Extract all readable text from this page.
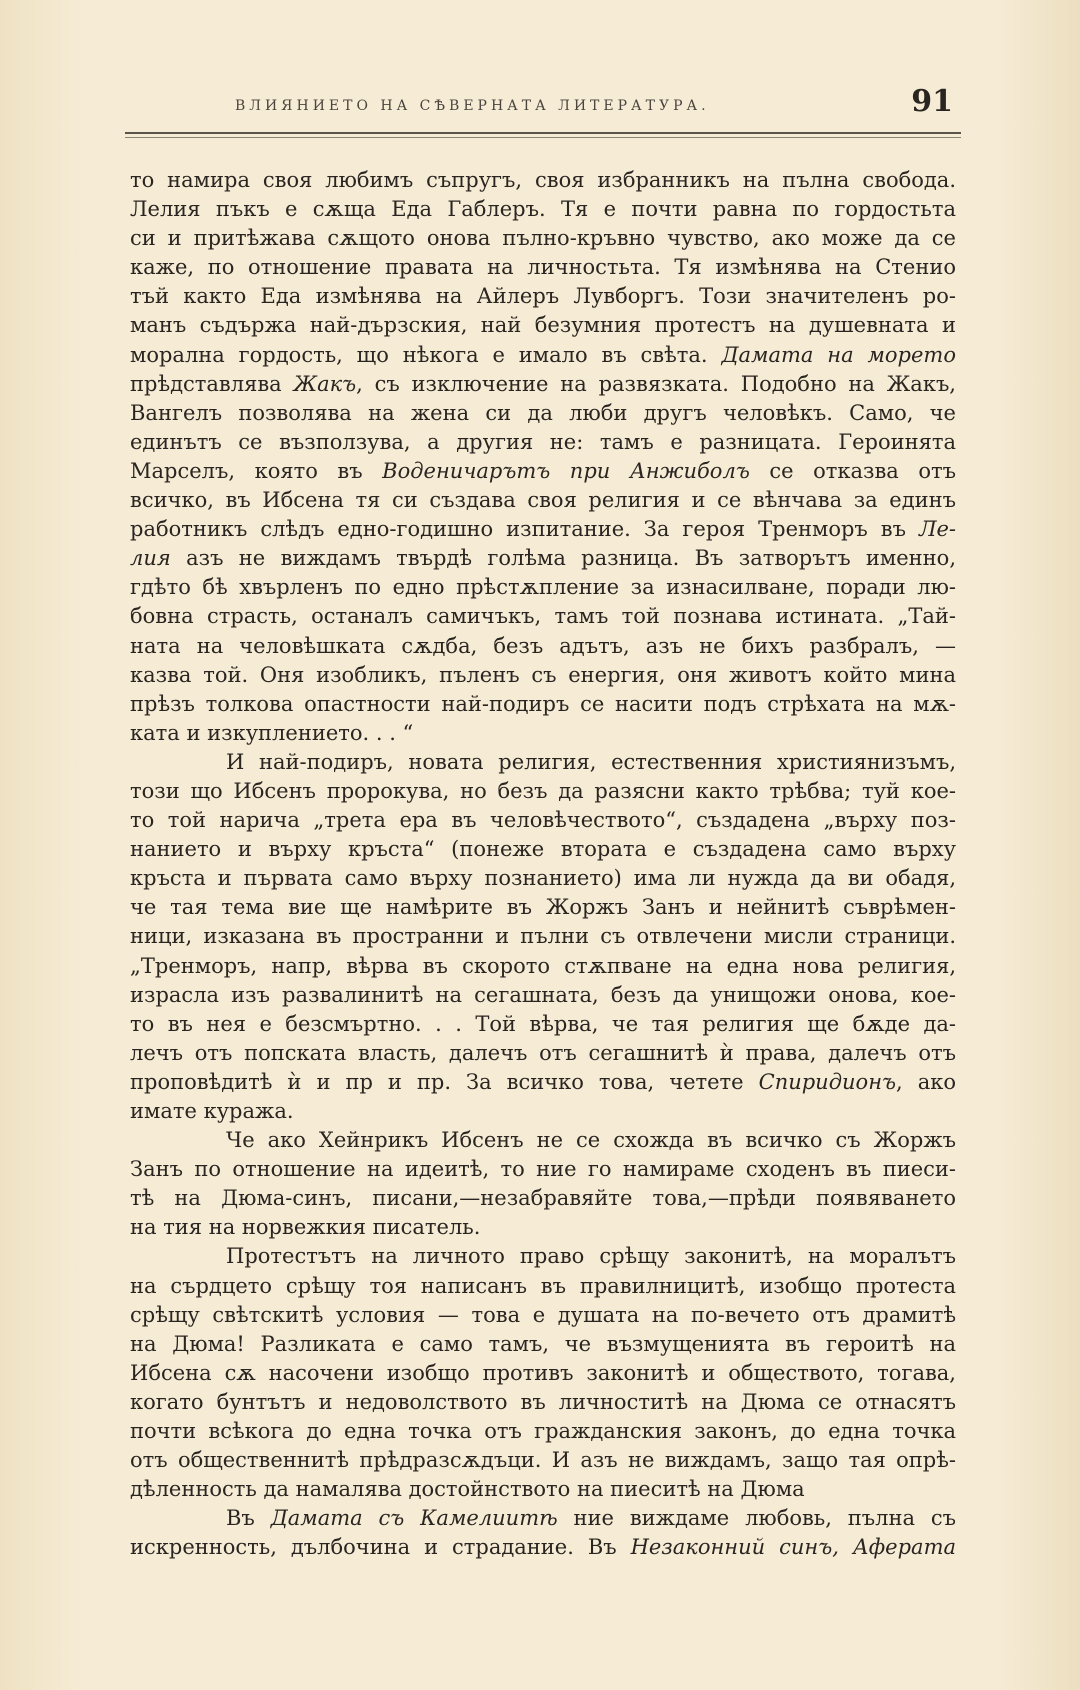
ВЛИЯНИЕТО НА СѢВЕРНАТА ЛИТЕРАТУРА.	91
то намира своя любимъ съпругъ, своя избранникъ на пълна свобода.
Лелия пъкъ е сѫща Еда Габлеръ. Тя е почти равна по гордостьта
си и притѣжава сѫщото онова пълно-кръвно чувство, ако може да се
каже, по отношение правата на личностьта. Тя измѣнява на Стенио
тъй както Еда измѣнява на Айлеръ Лувборгъ. Този значителенъ ро-
манъ съдържа най-дързския, най безумния протестъ на душевната и
морална гордость, що нѣкога е имало въ свѣта. Дамата на морето
прѣдставлява Жакъ, съ изключение на развязката. Подобно на Жакъ,
Вангелъ позволява на жена си да люби другъ человѣкъ. Само, че
единътъ се възползува, а другия не: тамъ е разницата. Героинята
Марселъ, която въ Воденичарътъ при Анжиболъ се отказва отъ
всичко, въ Ибсена тя си създава своя религия и се вѣнчава за единъ
работникъ слѣдъ едно-годишно изпитание. За героя Тренморъ въ Ле-
лия азъ не виждамъ твърдѣ голѣма разница. Въ затворътъ именно,
гдѣто бѣ хвърленъ по едно прѣстѫпление за изнасилване, поради лю-
бовна страсть, останалъ самичъкъ, тамъ той познава истината. „Тай-
ната на человѣшката сѫдба, безъ адътъ, азъ не бихъ разбралъ, —
казва той. Оня изобликъ, пъленъ съ енергия, оня животъ който мина
прѣзъ толкова опастности най-подиръ се насити подъ стрѣхата на мѫ-
ката и изкуплението. . . “
И най-подиръ, новата религия, естественния християнизъмъ,
този що Ибсенъ пророкува, но безъ да разясни както трѣбва; туй кое-
то той нарича „трета ера въ человѣчеството“, създадена „върху поз-
нанието и върху кръста“ (понеже втората е създадена само върху
кръста и първата само върху познанието) има ли нужда да ви обадя,
че тая тема вие ще намѣрите въ Жоржъ Занъ и нейнитѣ съврѣмен-
ници, изказана въ пространни и пълни съ отвлечени мисли страници.
„Тренморъ, напр, вѣрва въ скорото стѫпване на една нова религия,
израсла изъ развалинитѣ на сегашната, безъ да унищожи онова, кое-
то въ нея е безсмъртно. . . Той вѣрва, че тая религия ще бѫде да-
лечъ отъ попската власть, далечъ отъ сегашнитѣ ѝ права, далечъ отъ
проповѣдитѣ ѝ и пр и пр. За всичко това, четете Спиридионъ, ако
имате куража.
Че ако Хейнрикъ Ибсенъ не се схожда въ всичко съ Жоржъ
Занъ по отношение на идеитѣ, то ние го намираме сходенъ въ пиеси-
тѣ на Дюма-синъ, писани,—незабравяйте това,—прѣди появяването
на тия на норвежкия писатель.
Протестътъ на личното право срѣщу законитѣ, на моралътъ
на сърдцето срѣщу тоя написанъ въ правилницитѣ, изобщо протеста
срѣщу свѣтскитѣ условия — това е душата на по-вечето отъ драмитѣ
на Дюма! Разликата е само тамъ, че възмущенията въ героитѣ на
Ибсена сѫ насочени изобщо противъ законитѣ и обществото, тогава,
когато бунтътъ и недоволството въ личноститѣ на Дюма се отнасятъ
почти всѣкога до една точка отъ гражданския законъ, до една точка
отъ общественнитѣ прѣдразсѫдъци. И азъ не виждамъ, защо тая опрѣ-
дѣленность да намалява достойнството на пиеситѣ на Дюма
Въ Дамата съ Камелиитѣ ние виждаме любовь, пълна съ
искренность, дълбочина и страдание. Въ Незаконний синъ, Аферата
